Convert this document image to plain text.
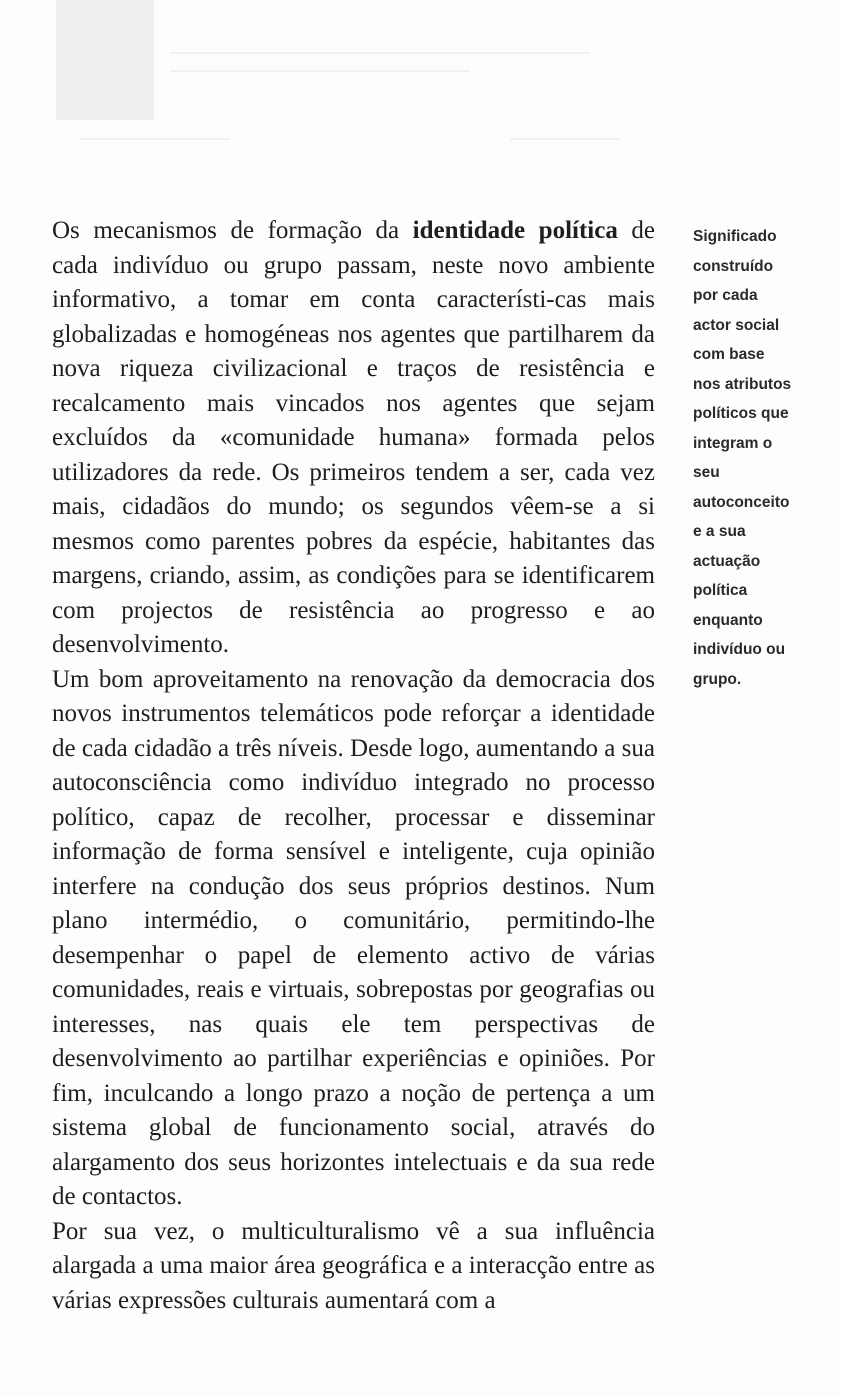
Os mecanismos de formação da identidade política de cada indivíduo ou grupo passam, neste novo ambiente informativo, a tomar em conta característi-cas mais globalizadas e homogéneas nos agentes que partilharem da nova riqueza civilizacional e traços de resistência e recalcamento mais vincados nos agentes que sejam excluídos da «comunidade humana» formada pelos utilizadores da rede. Os primeiros tendem a ser, cada vez mais, cidadãos do mundo; os segundos vêem-se a si mesmos como parentes pobres da espécie, habitantes das margens, criando, assim, as condições para se identificarem com projectos de resistência ao progresso e ao desenvolvimento.

Um bom aproveitamento na renovação da democracia dos novos instrumentos telemáticos pode reforçar a identidade de cada cidadão a três níveis. Desde logo, aumentando a sua autoconsciência como indivíduo integrado no processo político, capaz de recolher, processar e disseminar informação de forma sensível e inteligente, cuja opinião interfere na condução dos seus próprios destinos. Num plano intermédio, o comunitário, permitindo-lhe desempenhar o papel de elemento activo de várias comunidades, reais e virtuais, sobrepostas por geografias ou interesses, nas quais ele tem perspectivas de desenvolvimento ao partilhar experiências e opiniões. Por fim, inculcando a longo prazo a noção de pertença a um sistema global de funcionamento social, através do alargamento dos seus horizontes intelectuais e da sua rede de contactos.

Por sua vez, o multiculturalismo vê a sua influência alargada a uma maior área geográfica e a interacção entre as várias expressões culturais aumentará com a

Significado
construído
por cada
actor social
com base
nos atributos
políticos que
integram o
seu
autoconceito
e a sua
actuação
política
enquanto
indivíduo ou
grupo.
